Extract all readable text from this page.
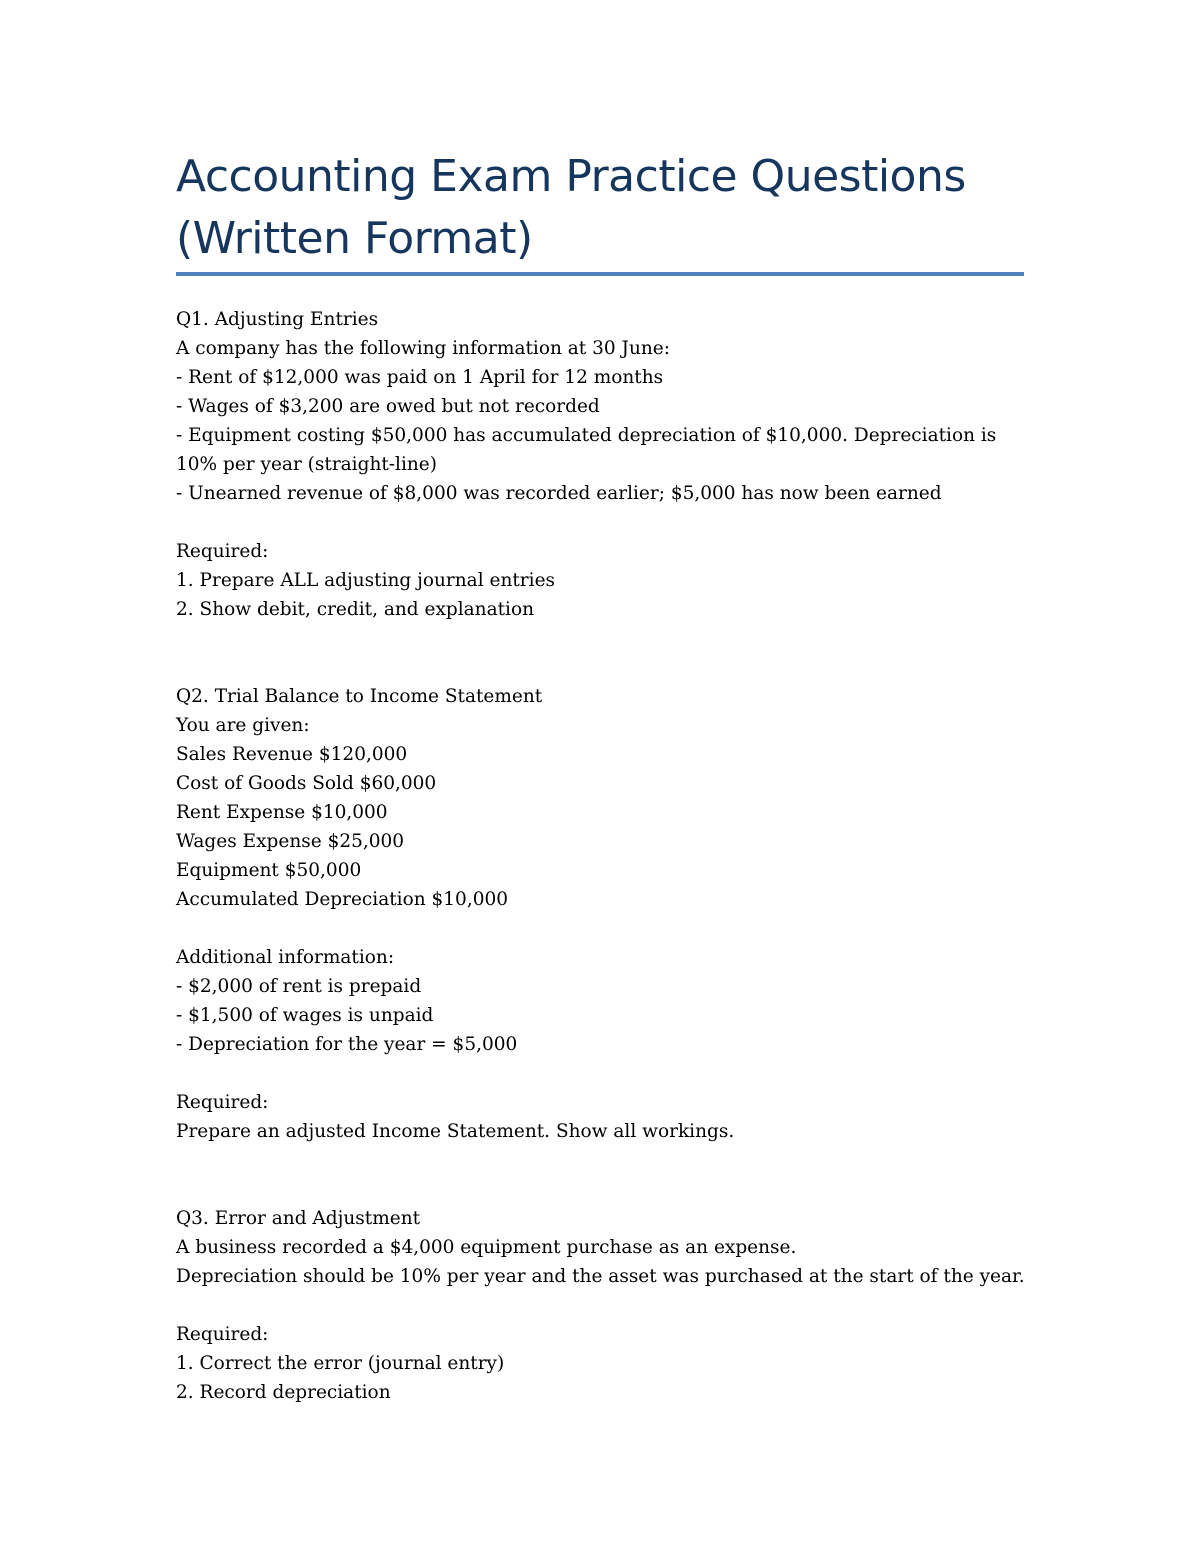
Accounting Exam Practice Questions (Written Format)
Q1. Adjusting Entries
A company has the following information at 30 June:
- Rent of $12,000 was paid on 1 April for 12 months
- Wages of $3,200 are owed but not recorded
- Equipment costing $50,000 has accumulated depreciation of $10,000. Depreciation is 10% per year (straight-line)
- Unearned revenue of $8,000 was recorded earlier; $5,000 has now been earned
Required:
1. Prepare ALL adjusting journal entries
2. Show debit, credit, and explanation
Q2. Trial Balance to Income Statement
You are given:
Sales Revenue $120,000
Cost of Goods Sold $60,000
Rent Expense $10,000
Wages Expense $25,000
Equipment $50,000
Accumulated Depreciation $10,000
Additional information:
- $2,000 of rent is prepaid
- $1,500 of wages is unpaid
- Depreciation for the year = $5,000
Required:
Prepare an adjusted Income Statement. Show all workings.
Q3. Error and Adjustment
A business recorded a $4,000 equipment purchase as an expense.
Depreciation should be 10% per year and the asset was purchased at the start of the year.
Required:
1. Correct the error (journal entry)
2. Record depreciation
